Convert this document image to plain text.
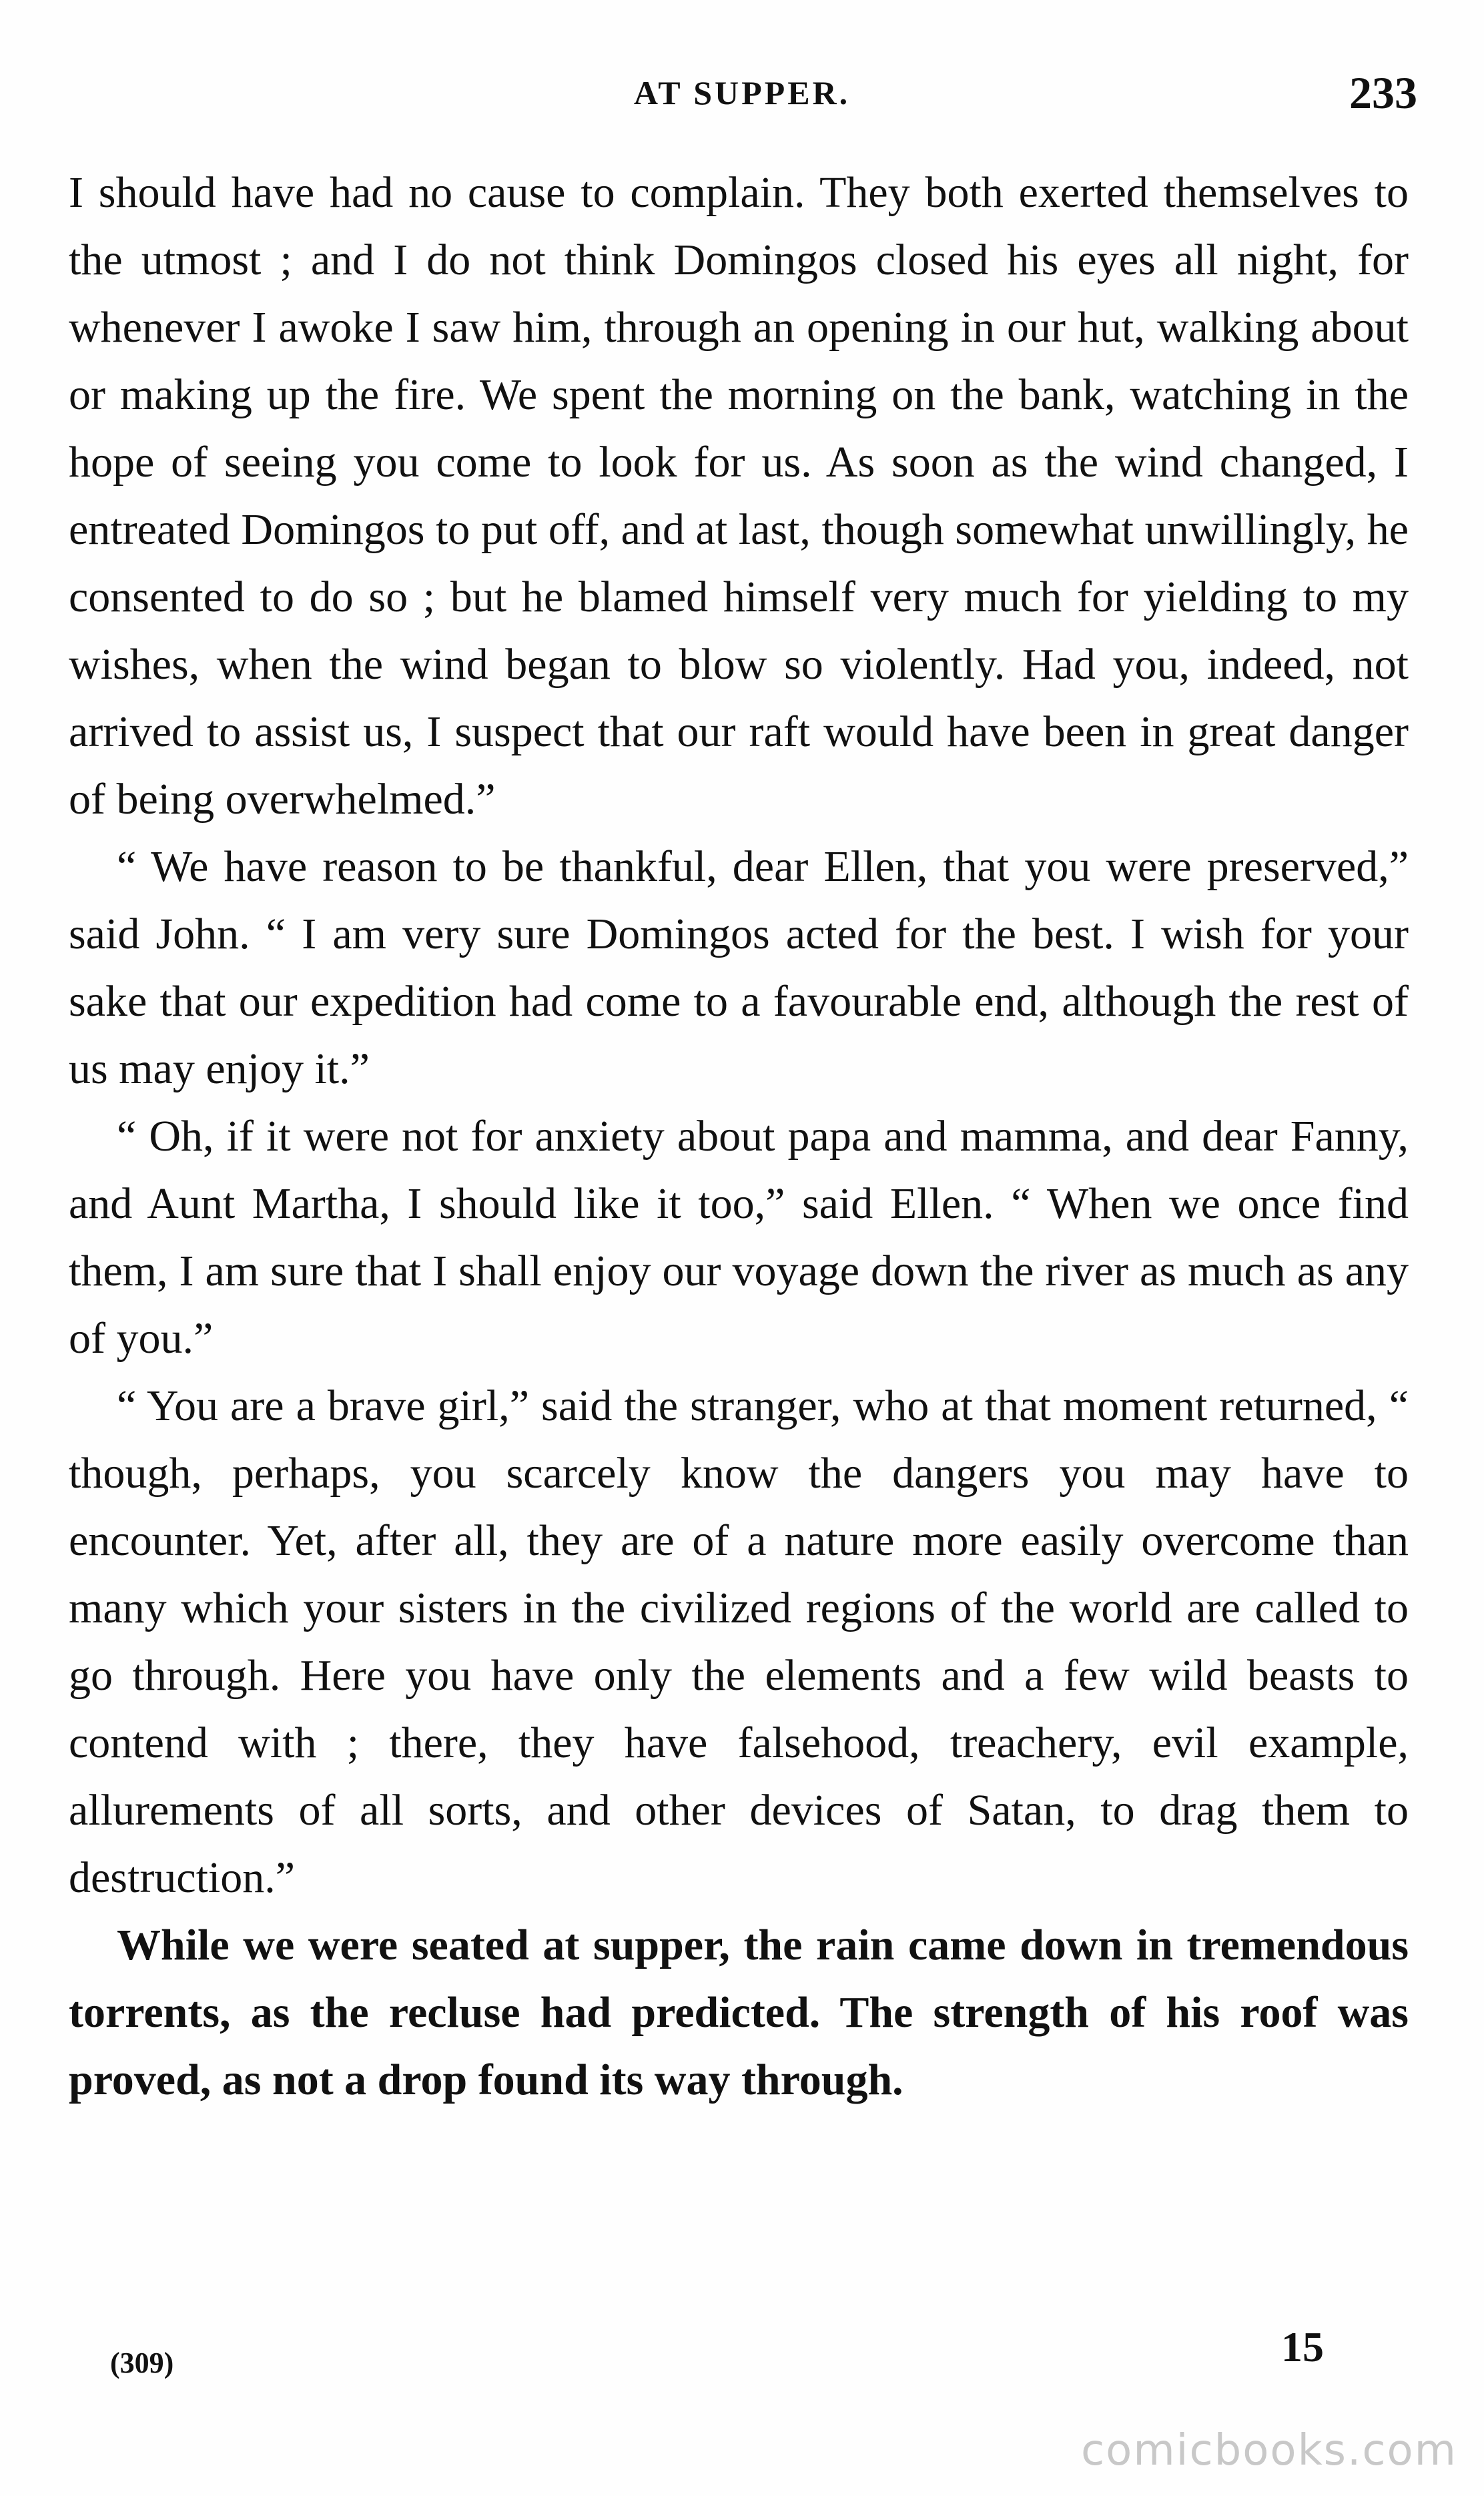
AT SUPPER.	233

I should have had no cause to complain. They both exerted themselves to the utmost ; and I do not think Domingos closed his eyes all night, for whenever I awoke I saw him, through an opening in our hut, walking about or making up the fire. We spent the morning on the bank, watching in the hope of seeing you come to look for us. As soon as the wind changed, I entreated Domingos to put off, and at last, though somewhat unwillingly, he consented to do so ; but he blamed himself very much for yielding to my wishes, when the wind began to blow so violently. Had you, indeed, not arrived to assist us, I suspect that our raft would have been in great danger of being overwhelmed.”

“ We have reason to be thankful, dear Ellen, that you were preserved,” said John. “ I am very sure Domingos acted for the best. I wish for your sake that our expedition had come to a favourable end, although the rest of us may enjoy it.”

“ Oh, if it were not for anxiety about papa and mamma, and dear Fanny, and Aunt Martha, I should like it too,” said Ellen. “ When we once find them, I am sure that I shall enjoy our voyage down the river as much as any of you.”

“ You are a brave girl,” said the stranger, who at that moment returned, “ though, perhaps, you scarcely know the dangers you may have to encounter. Yet, after all, they are of a nature more easily overcome than many which your sisters in the civilized regions of the world are called to go through. Here you have only the elements and a few wild beasts to contend with ; there, they have falsehood, treachery, evil example, allurements of all sorts, and other devices of Satan, to drag them to destruction.”

While we were seated at supper, the rain came down in tremendous torrents, as the recluse had predicted. The strength of his roof was proved, as not a drop found its way through.

(309)	15
comicbooks.com
